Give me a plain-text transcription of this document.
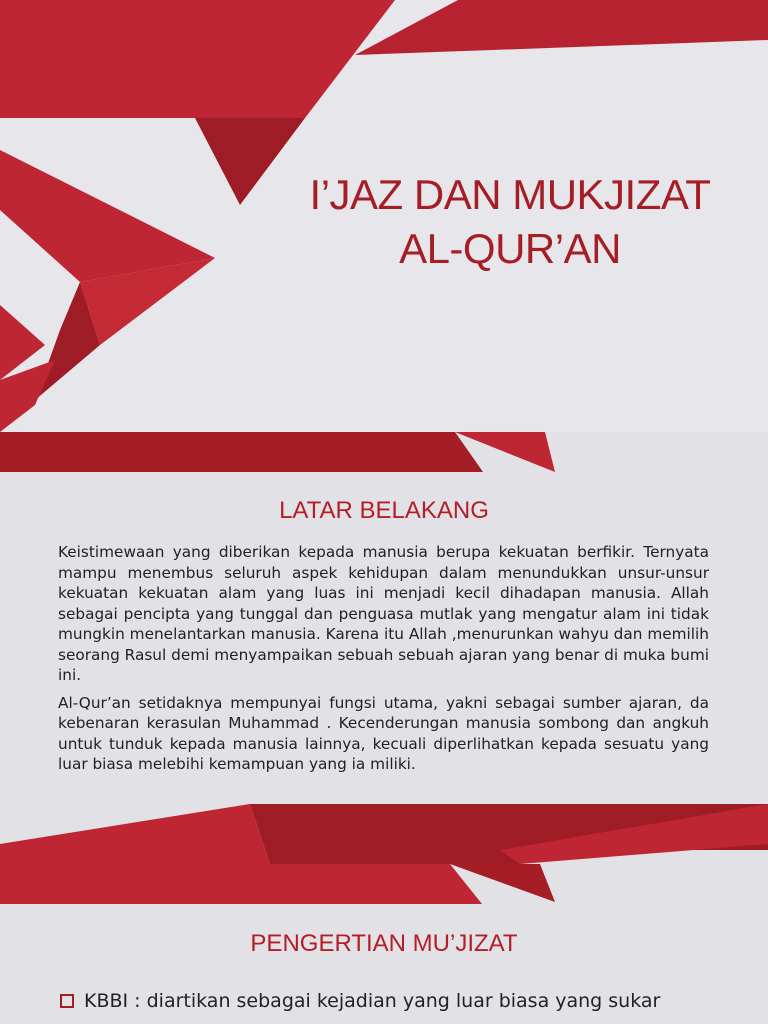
I’JAZ DAN MUKJIZAT
AL-QUR’AN
LATAR BELAKANG

Keistimewaan yang diberikan kepada manusia berupa kekuatan berfikir. Ternyata mampu menembus seluruh aspek kehidupan dalam menundukkan unsur-unsur kekuatan kekuatan alam yang luas ini menjadi kecil dihadapan manusia. Allah sebagai pencipta yang tunggal dan penguasa mutlak yang mengatur alam ini tidak mungkin menelantarkan manusia. Karena itu Allah ,menurunkan wahyu dan memilih seorang Rasul demi menyampaikan sebuah sebuah ajaran yang benar di muka bumi ini.

Al-Qur’an setidaknya mempunyai fungsi utama, yakni sebagai sumber ajaran, da kebenaran kerasulan Muhammad . Kecenderungan manusia sombong dan angkuh untuk tunduk kepada manusia lainnya, kecuali diperlihatkan kepada sesuatu yang luar biasa melebihi kemampuan yang ia miliki.

PENGERTIAN MU’JIZAT
KBBI : diartikan sebagai kejadian yang luar biasa yang sukar
